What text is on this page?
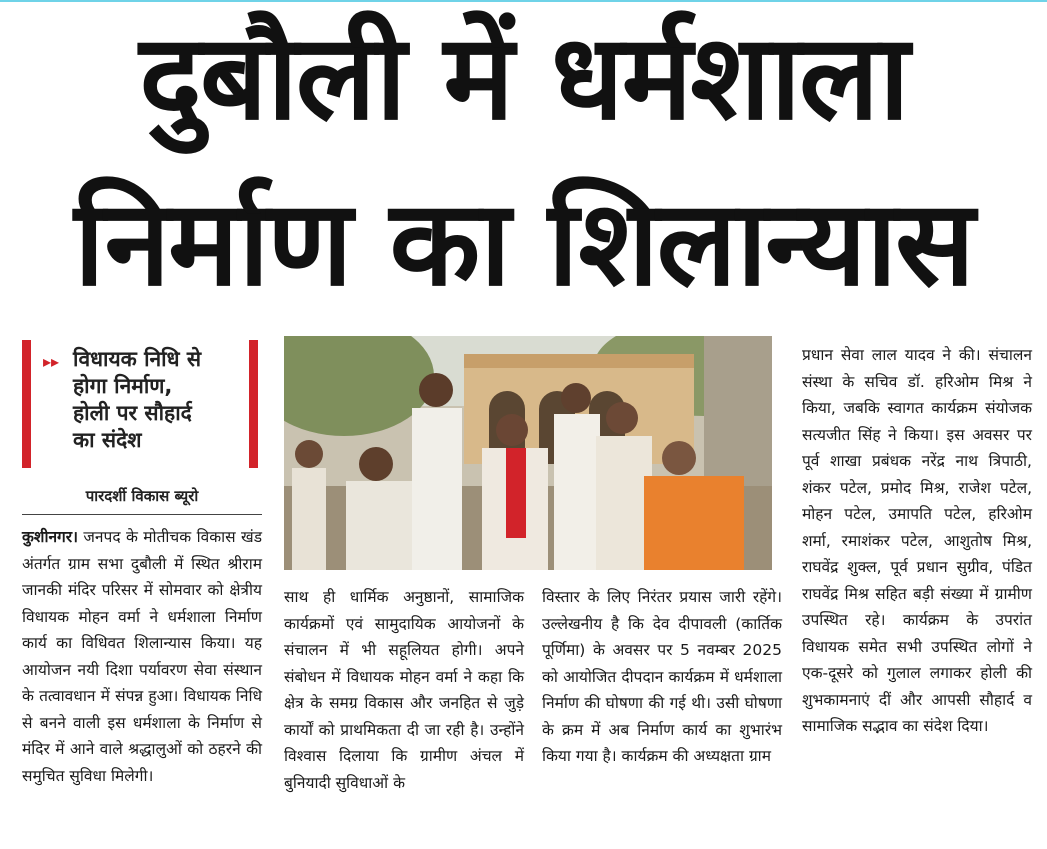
दुबौली में धर्मशाला
निर्माण का शिलान्यास
▸▸ विधायक निधि से
होगा निर्माण,
होली पर सौहार्द
का संदेश
पारदर्शी विकास ब्यूरो
कुशीनगर। जनपद के मोतीचक विकास खंड अंतर्गत ग्राम सभा दुबौली में स्थित श्रीराम जानकी मंदिर परिसर में सोमवार को क्षेत्रीय विधायक मोहन वर्मा ने धर्मशाला निर्माण कार्य का विधिवत शिलान्यास किया। यह आयोजन नयी दिशा पर्यावरण सेवा संस्थान के तत्वावधान में संपन्न हुआ। विधायक निधि से बनने वाली इस धर्मशाला के निर्माण से मंदिर में आने वाले श्रद्धालुओं को ठहरने की समुचित सुविधा मिलेगी।
साथ ही धार्मिक अनुष्ठानों, सामाजिक कार्यक्रमों एवं सामुदायिक आयोजनों के संचालन में भी सहूलियत होगी। अपने संबोधन में विधायक मोहन वर्मा ने कहा कि क्षेत्र के समग्र विकास और जनहित से जुड़े कार्यों को प्राथमिकता दी जा रही है। उन्होंने विश्वास दिलाया कि ग्रामीण अंचल में बुनियादी सुविधाओं के
विस्तार के लिए निरंतर प्रयास जारी रहेंगे। उल्लेखनीय है कि देव दीपावली (कार्तिक पूर्णिमा) के अवसर पर 5 नवम्बर 2025 को आयोजित दीपदान कार्यक्रम में धर्मशाला निर्माण की घोषणा की गई थी। उसी घोषणा के क्रम में अब निर्माण कार्य का शुभारंभ किया गया है। कार्यक्रम की अध्यक्षता ग्राम
प्रधान सेवा लाल यादव ने की। संचालन संस्था के सचिव डॉ. हरिओम मिश्र ने किया, जबकि स्वागत कार्यक्रम संयोजक सत्यजीत सिंह ने किया। इस अवसर पर पूर्व शाखा प्रबंधक नरेंद्र नाथ त्रिपाठी, शंकर पटेल, प्रमोद मिश्र, राजेश पटेल, मोहन पटेल, उमापति पटेल, हरिओम शर्मा, रमाशंकर पटेल, आशुतोष मिश्र, राघवेंद्र शुक्ल, पूर्व प्रधान सुग्रीव, पंडित राघवेंद्र मिश्र सहित बड़ी संख्या में ग्रामीण उपस्थित रहे। कार्यक्रम के उपरांत विधायक समेत सभी उपस्थित लोगों ने एक-दूसरे को गुलाल लगाकर होली की शुभकामनाएं दीं और आपसी सौहार्द व सामाजिक सद्भाव का संदेश दिया।
